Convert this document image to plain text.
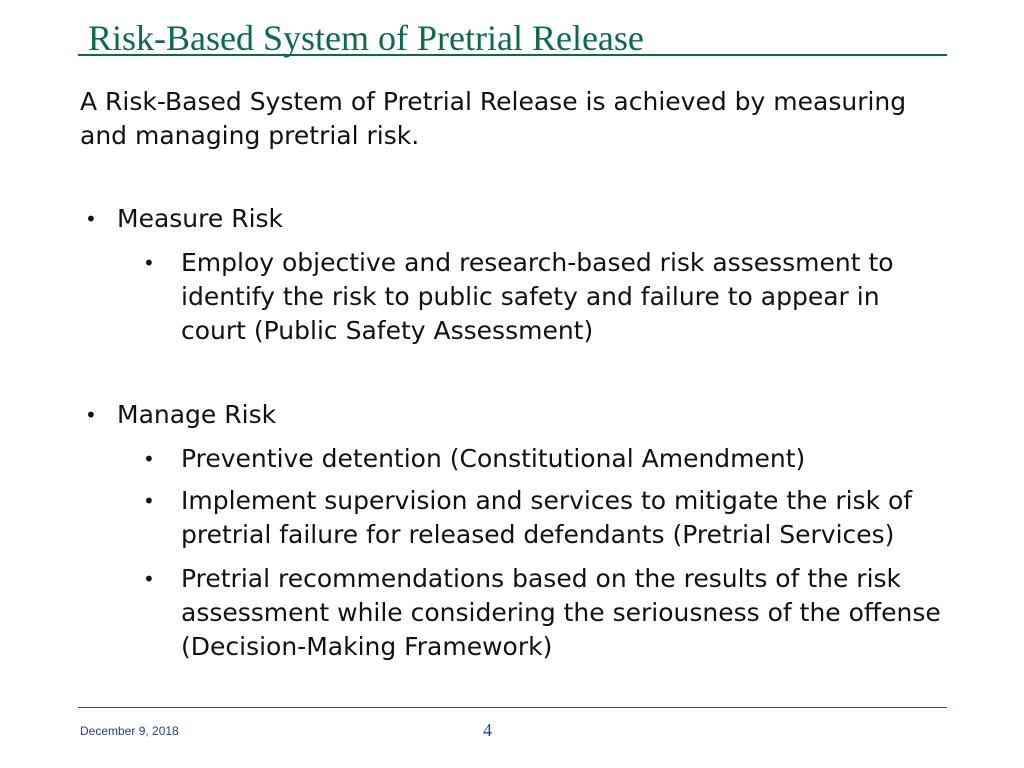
Risk-Based System of Pretrial Release

A Risk-Based System of Pretrial Release is achieved by measuring and managing pretrial risk.

• Measure Risk
• Employ objective and research-based risk assessment to identify the risk to public safety and failure to appear in court (Public Safety Assessment)
• Manage Risk
• Preventive detention (Constitutional Amendment)
• Implement supervision and services to mitigate the risk of pretrial failure for released defendants (Pretrial Services)
• Pretrial recommendations based on the results of the risk assessment while considering the seriousness of the offense (Decision-Making Framework)
December 9, 2018	4
